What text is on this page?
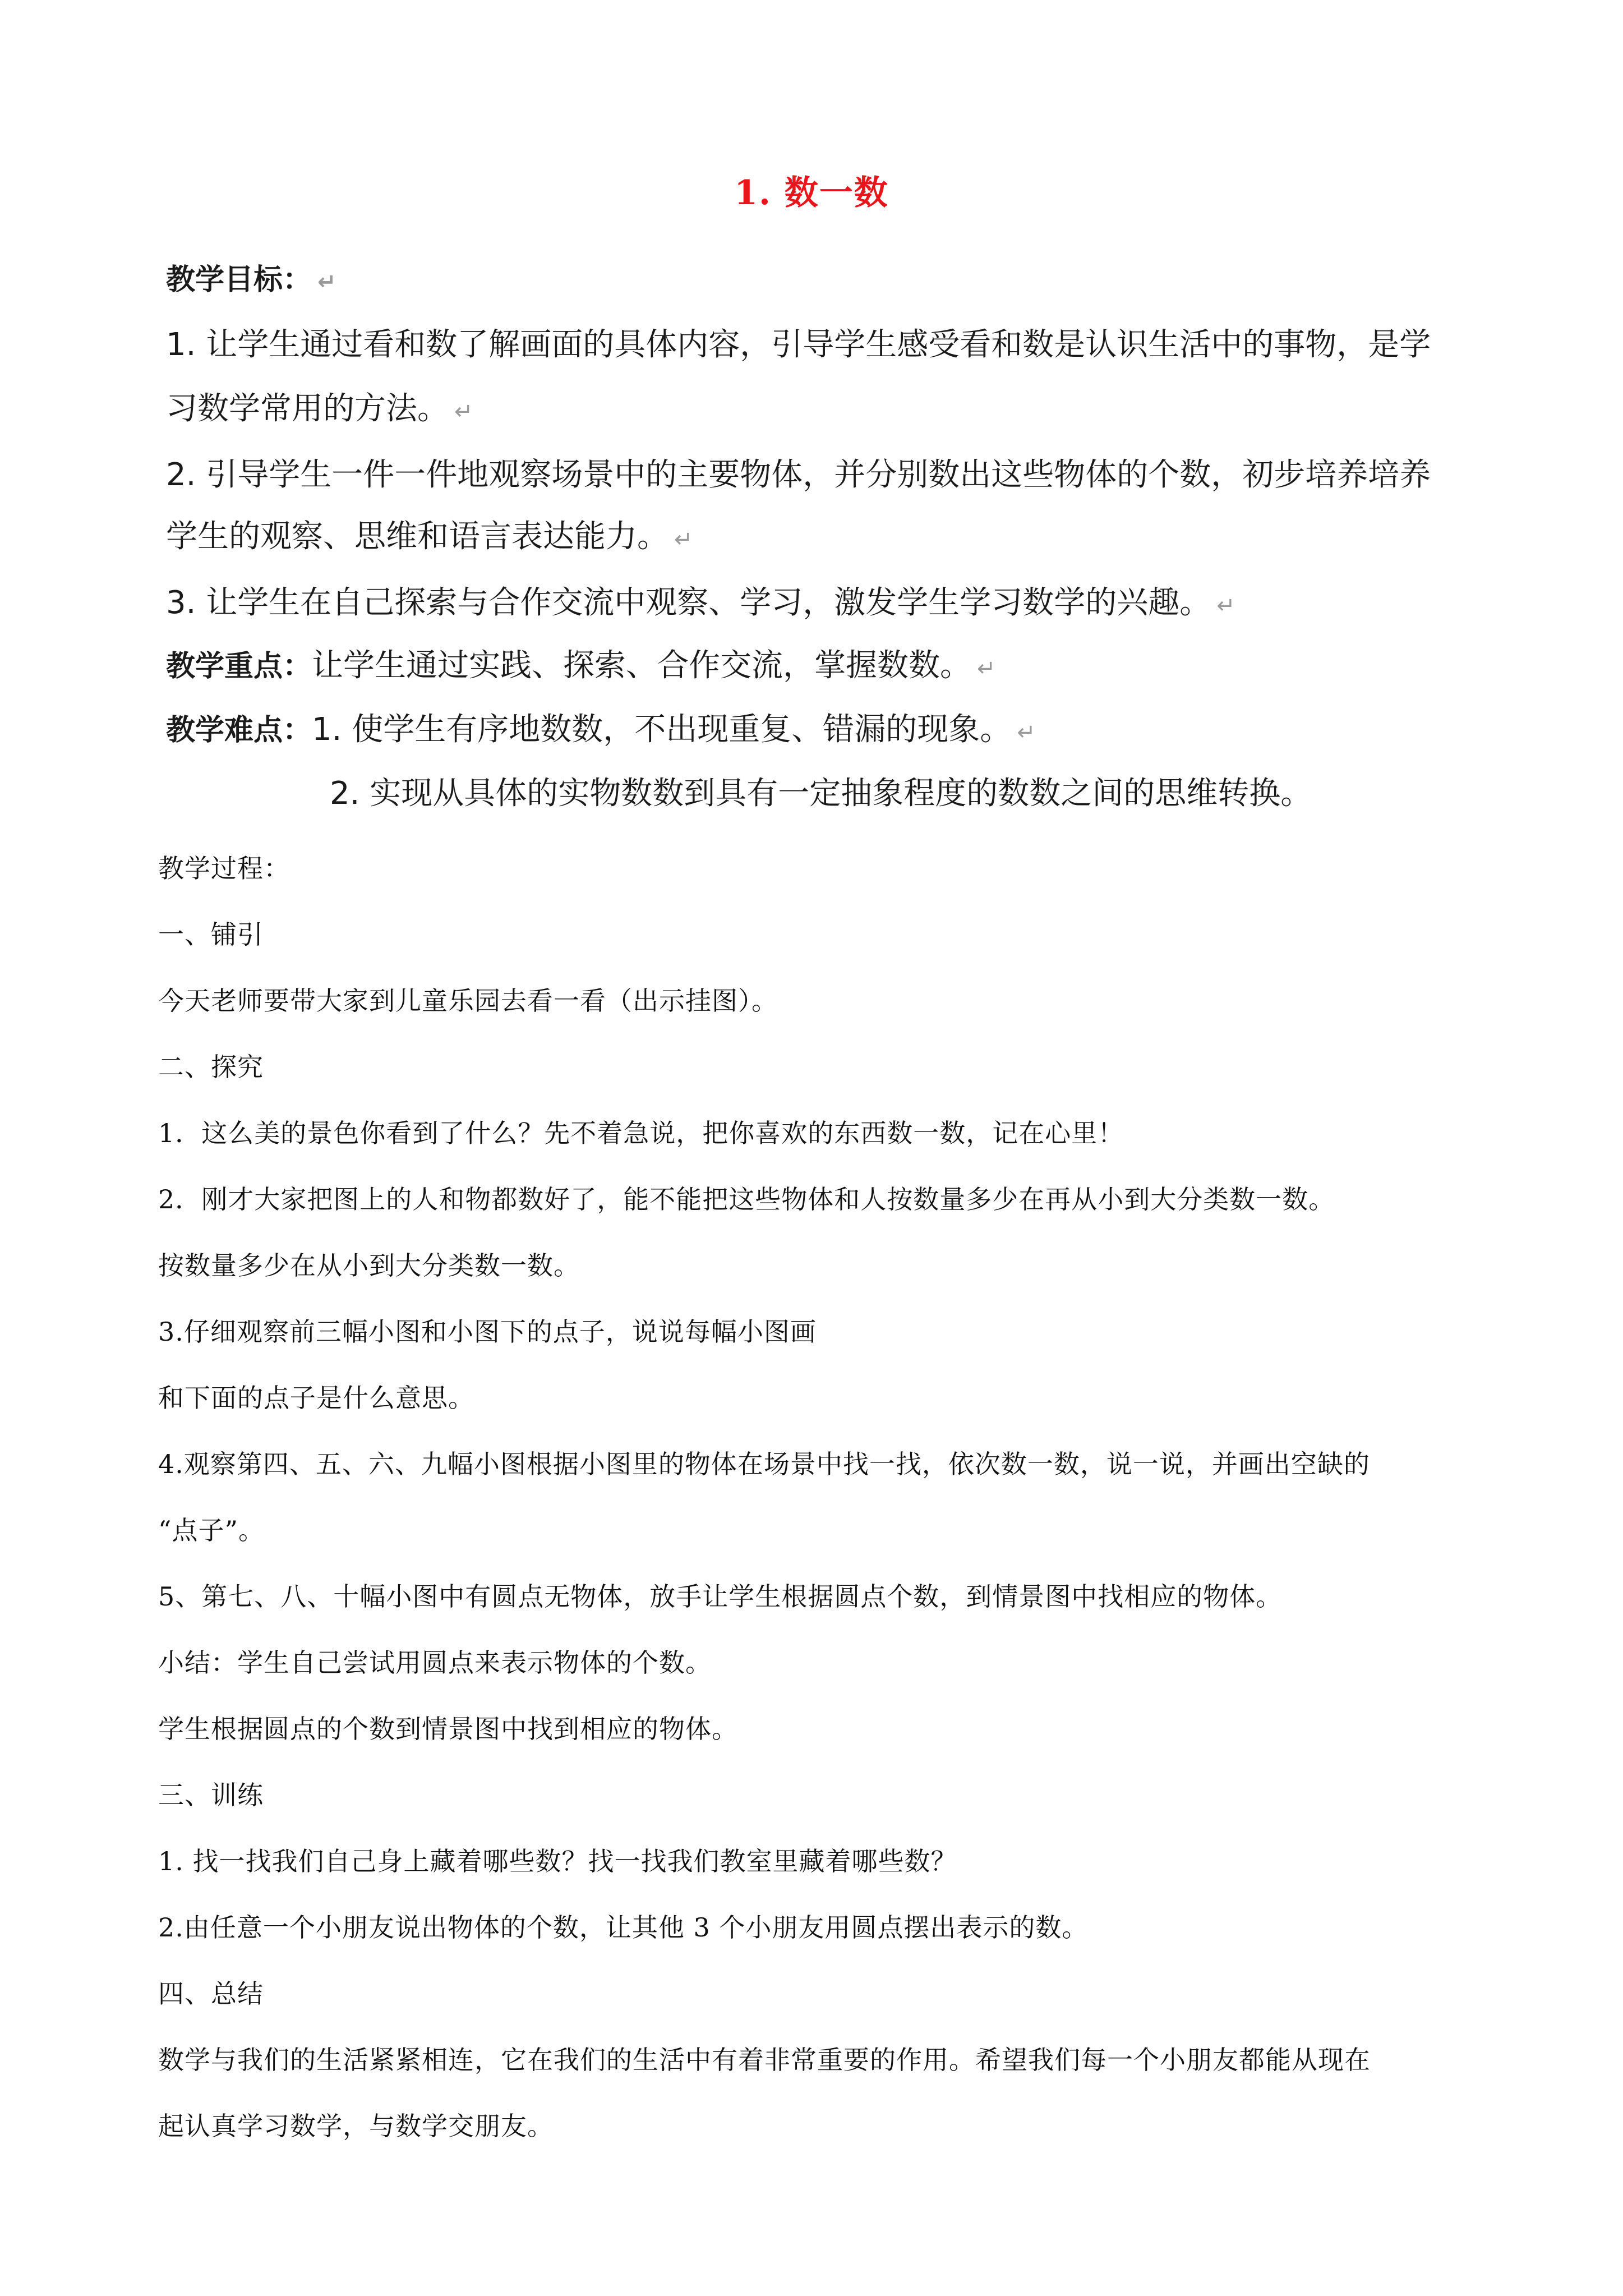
1. 数一数
教学目标： ↵
1. 让学生通过看和数了解画面的具体内容，引导学生感受看和数是认识生活中的事物，是学
习数学常用的方法。 ↵
2. 引导学生一件一件地观察场景中的主要物体，并分别数出这些物体的个数，初步培养培养
学生的观察、思维和语言表达能力。 ↵
3. 让学生在自己探索与合作交流中观察、学习，激发学生学习数学的兴趣。 ↵
教学重点：让学生通过实践、探索、合作交流，掌握数数。 ↵
教学难点：1. 使学生有序地数数，不出现重复、错漏的现象。 ↵
2. 实现从具体的实物数数到具有一定抽象程度的数数之间的思维转换。
教学过程：
一、铺引
今天老师要带大家到儿童乐园去看一看（出示挂图）。
二、探究
1．这么美的景色你看到了什么？先不着急说，把你喜欢的东西数一数，记在心里！
2．刚才大家把图上的人和物都数好了，能不能把这些物体和人按数量多少在再从小到大分类数一数。
按数量多少在从小到大分类数一数。
3.仔细观察前三幅小图和小图下的点子，说说每幅小图画
和下面的点子是什么意思。
4.观察第四、五、六、九幅小图根据小图里的物体在场景中找一找，依次数一数，说一说，并画出空缺的
“点子”。
5、第七、八、十幅小图中有圆点无物体，放手让学生根据圆点个数，到情景图中找相应的物体。
小结：学生自己尝试用圆点来表示物体的个数。
学生根据圆点的个数到情景图中找到相应的物体。
三、训练
1. 找一找我们自己身上藏着哪些数？找一找我们教室里藏着哪些数？
2.由任意一个小朋友说出物体的个数，让其他 3 个小朋友用圆点摆出表示的数。
四、总结
数学与我们的生活紧紧相连，它在我们的生活中有着非常重要的作用。希望我们每一个小朋友都能从现在
起认真学习数学，与数学交朋友。
